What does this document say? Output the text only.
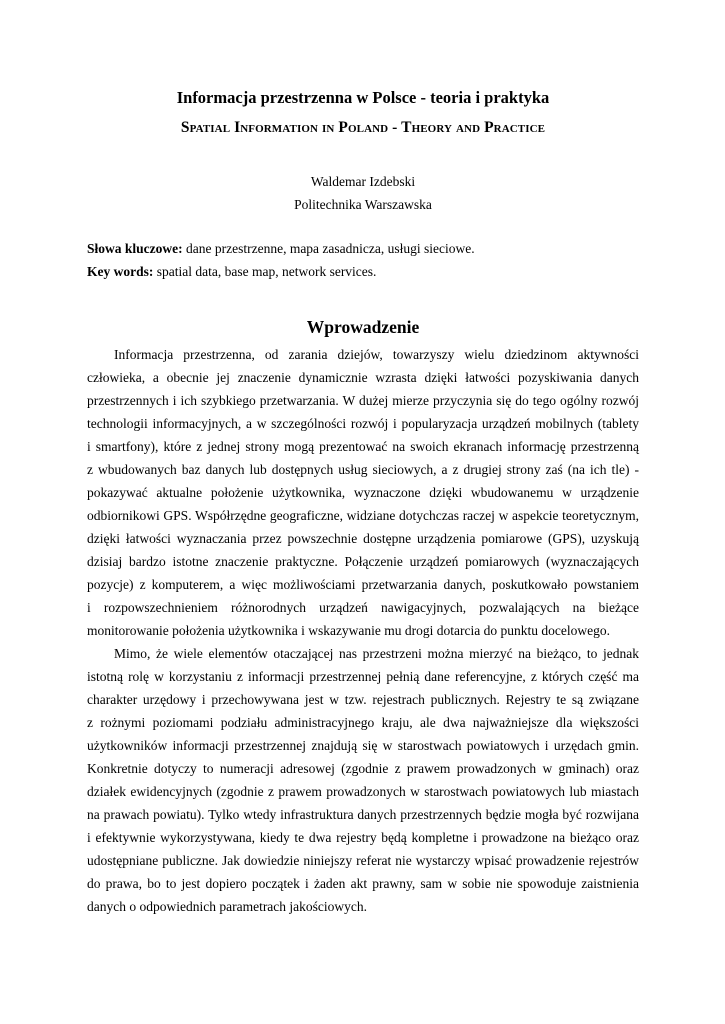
Informacja przestrzenna w Polsce - teoria i praktyka
Spatial Information in Poland - Theory and Practice
Waldemar Izdebski
Politechnika Warszawska
Słowa kluczowe: dane przestrzenne, mapa zasadnicza, usługi sieciowe.
Key words: spatial data, base map, network services.
Wprowadzenie
Informacja przestrzenna, od zarania dziejów, towarzyszy wielu dziedzinom aktywności
człowieka, a obecnie jej znaczenie dynamicznie wzrasta dzięki łatwości pozyskiwania danych
przestrzennych i ich szybkiego przetwarzania. W dużej mierze przyczynia się do tego ogólny rozwój
technologii informacyjnych, a w szczególności rozwój i popularyzacja urządzeń mobilnych (tablety
i smartfony), które z jednej strony mogą prezentować na swoich ekranach informację przestrzenną
z wbudowanych baz danych lub dostępnych usług sieciowych, a z drugiej strony zaś (na ich tle) -
pokazywać aktualne położenie użytkownika, wyznaczone dzięki wbudowanemu w urządzenie
odbiornikowi GPS. Współrzędne geograficzne, widziane dotychczas raczej w aspekcie teoretycznym,
dzięki łatwości wyznaczania przez powszechnie dostępne urządzenia pomiarowe (GPS), uzyskują
dzisiaj bardzo istotne znaczenie praktyczne. Połączenie urządzeń pomiarowych (wyznaczających
pozycje) z komputerem, a więc możliwościami przetwarzania danych, poskutkowało powstaniem
i rozpowszechnieniem różnorodnych urządzeń nawigacyjnych, pozwalających na bieżące
monitorowanie położenia użytkownika i wskazywanie mu drogi dotarcia do punktu docelowego.
Mimo, że wiele elementów otaczającej nas przestrzeni można mierzyć na bieżąco, to jednak
istotną rolę w korzystaniu z informacji przestrzennej pełnią dane referencyjne, z których część ma
charakter urzędowy i przechowywana jest w tzw. rejestrach publicznych. Rejestry te są związane
z rożnymi poziomami podziału administracyjnego kraju, ale dwa najważniejsze dla większości
użytkowników informacji przestrzennej znajdują się w starostwach powiatowych i urzędach gmin.
Konkretnie dotyczy to numeracji adresowej (zgodnie z prawem prowadzonych w gminach) oraz
działek ewidencyjnych (zgodnie z prawem prowadzonych w starostwach powiatowych lub miastach
na prawach powiatu). Tylko wtedy infrastruktura danych przestrzennych będzie mogła być rozwijana
i efektywnie wykorzystywana, kiedy te dwa rejestry będą kompletne i prowadzone na bieżąco oraz
udostępniane publiczne. Jak dowiedzie niniejszy referat nie wystarczy wpisać prowadzenie rejestrów
do prawa, bo to jest dopiero początek i żaden akt prawny, sam w sobie nie spowoduje zaistnienia
danych o odpowiednich parametrach jakościowych.
